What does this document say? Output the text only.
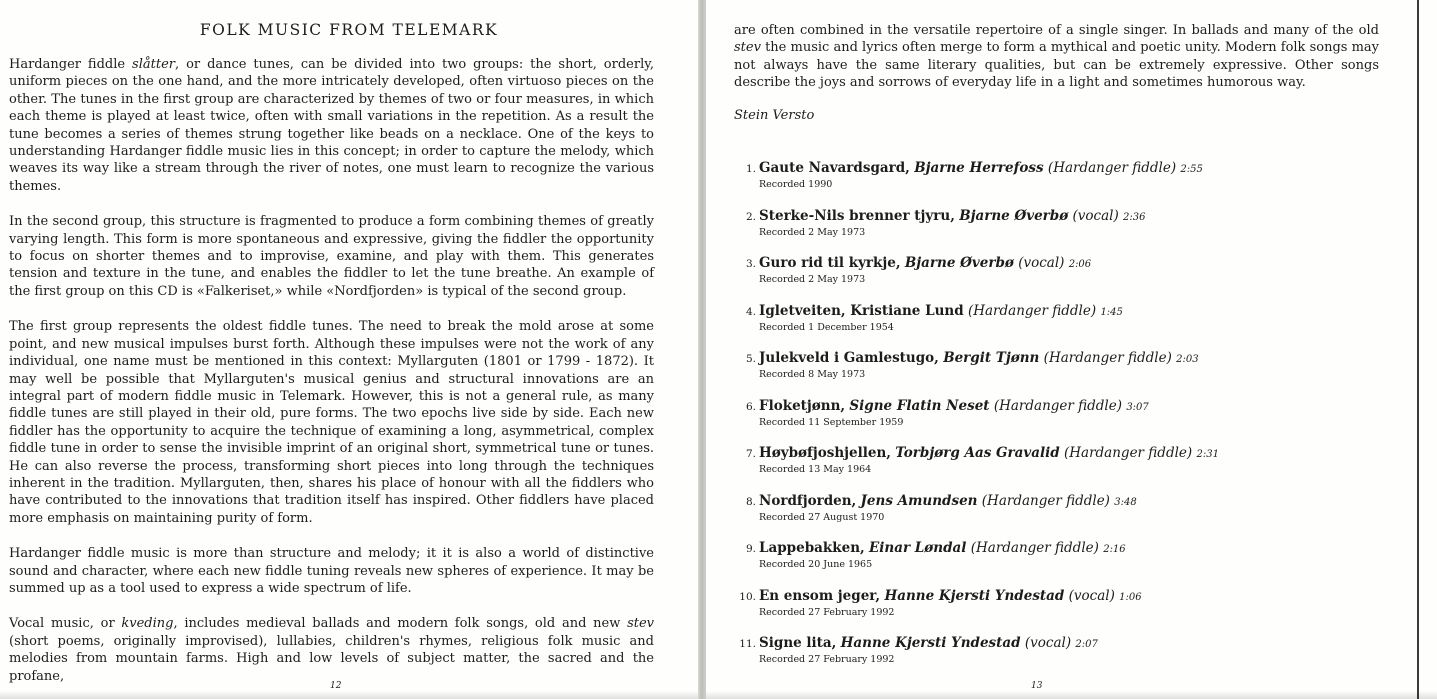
FOLK MUSIC FROM TELEMARK

Hardanger fiddle slåtter, or dance tunes, can be divided into two groups: the short, orderly, uniform pieces on the one hand, and the more intricately developed, often virtuoso pieces on the other. The tunes in the first group are characterized by themes of two or four measures, in which each theme is played at least twice, often with small variations in the repetition. As a result the tune becomes a series of themes strung together like beads on a necklace. One of the keys to understanding Hardanger fiddle music lies in this concept; in order to capture the melody, which weaves its way like a stream through the river of notes, one must learn to recognize the various themes.

In the second group, this structure is fragmented to produce a form combining themes of greatly varying length. This form is more spontaneous and expressive, giving the fiddler the opportunity to focus on shorter themes and to improvise, examine, and play with them. This generates tension and texture in the tune, and enables the fiddler to let the tune breathe. An example of the first group on this CD is «Falkeriset,» while «Nordfjorden» is typical of the second group.

The first group represents the oldest fiddle tunes. The need to break the mold arose at some point, and new musical impulses burst forth. Although these impulses were not the work of any individual, one name must be mentioned in this context: Myllarguten (1801 or 1799 - 1872). It may well be possible that Myllarguten's musical genius and structural innovations are an integral part of modern fiddle music in Telemark. However, this is not a general rule, as many fiddle tunes are still played in their old, pure forms. The two epochs live side by side. Each new fiddler has the opportunity to acquire the technique of examining a long, asymmetrical, complex fiddle tune in order to sense the invisible imprint of an original short, symmetrical tune or tunes. He can also reverse the process, transforming short pieces into long through the techniques inherent in the tradition. Myllarguten, then, shares his place of honour with all the fiddlers who have contributed to the innovations that tradition itself has inspired. Other fiddlers have placed more emphasis on maintaining purity of form.

Hardanger fiddle music is more than structure and melody; it it is also a world of distinctive sound and character, where each new fiddle tuning reveals new spheres of experience. It may be summed up as a tool used to express a wide spectrum of life.

Vocal music, or kveding, includes medieval ballads and modern folk songs, old and new stev (short poems, originally improvised), lullabies, children's rhymes, religious folk music and melodies from mountain farms. High and low levels of subject matter, the sacred and the profane,

12

are often combined in the versatile repertoire of a single singer. In ballads and many of the old stev the music and lyrics often merge to form a mythical and poetic unity. Modern folk songs may not always have the same literary qualities, but can be extremely expressive. Other songs describe the joys and sorrows of everyday life in a light and sometimes humorous way.

Stein Versto
1. Gaute Navardsgard, Bjarne Herrefoss (Hardanger fiddle) 2:55
Recorded 1990
2. Sterke-Nils brenner tjyru, Bjarne Øverbø (vocal) 2:36
Recorded 2 May 1973
3. Guro rid til kyrkje, Bjarne Øverbø (vocal) 2:06
Recorded 2 May 1973
4. Igletveiten, Kristiane Lund (Hardanger fiddle) 1:45
Recorded 1 December 1954
5. Julekveld i Gamlestugo, Bergit Tjønn (Hardanger fiddle) 2:03
Recorded 8 May 1973
6. Floketjønn, Signe Flatin Neset (Hardanger fiddle) 3:07
Recorded 11 September 1959
7. Høybøfjoshjellen, Torbjørg Aas Gravalid (Hardanger fiddle) 2:31
Recorded 13 May 1964
8. Nordfjorden, Jens Amundsen (Hardanger fiddle) 3:48
Recorded 27 August 1970
9. Lappebakken, Einar Løndal (Hardanger fiddle) 2:16
Recorded 20 June 1965
10. En ensom jeger, Hanne Kjersti Yndestad (vocal) 1:06
Recorded 27 February 1992
11. Signe lita, Hanne Kjersti Yndestad (vocal) 2:07
Recorded 27 February 1992
13
